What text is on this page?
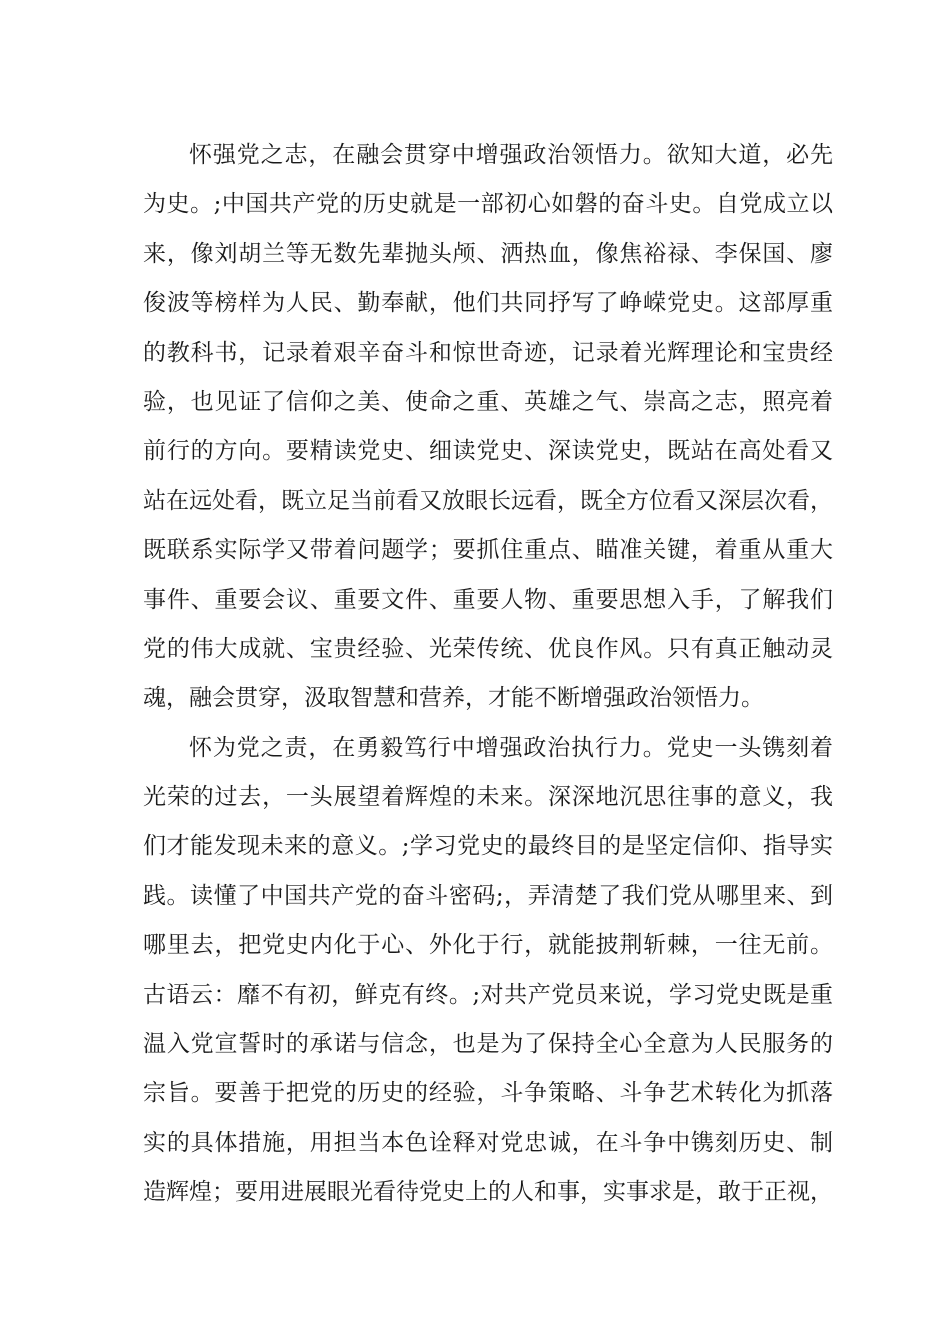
怀强党之志，在融会贯穿中增强政治领悟力。欲知大道，必先
为史。;中国共产党的历史就是一部初心如磐的奋斗史。自党成立以
来，像刘胡兰等无数先辈抛头颅、洒热血，像焦裕禄、李保国、廖
俊波等榜样为人民、勤奉献，他们共同抒写了峥嵘党史。这部厚重
的教科书，记录着艰辛奋斗和惊世奇迹，记录着光辉理论和宝贵经
验，也见证了信仰之美、使命之重、英雄之气、崇高之志，照亮着
前行的方向。要精读党史、细读党史、深读党史，既站在高处看又
站在远处看，既立足当前看又放眼长远看，既全方位看又深层次看，
既联系实际学又带着问题学；要抓住重点、瞄准关键，着重从重大
事件、重要会议、重要文件、重要人物、重要思想入手，了解我们
党的伟大成就、宝贵经验、光荣传统、优良作风。只有真正触动灵
魂，融会贯穿，汲取智慧和营养，才能不断增强政治领悟力。
怀为党之责，在勇毅笃行中增强政治执行力。党史一头镌刻着
光荣的过去，一头展望着辉煌的未来。深深地沉思往事的意义，我
们才能发现未来的意义。;学习党史的最终目的是坚定信仰、指导实
践。读懂了中国共产党的奋斗密码;，弄清楚了我们党从哪里来、到
哪里去，把党史内化于心、外化于行，就能披荆斩棘，一往无前。
古语云：靡不有初，鲜克有终。;对共产党员来说，学习党史既是重
温入党宣誓时的承诺与信念，也是为了保持全心全意为人民服务的
宗旨。要善于把党的历史的经验，斗争策略、斗争艺术转化为抓落
实的具体措施，用担当本色诠释对党忠诚，在斗争中镌刻历史、制
造辉煌；要用进展眼光看待党史上的人和事，实事求是，敢于正视，
